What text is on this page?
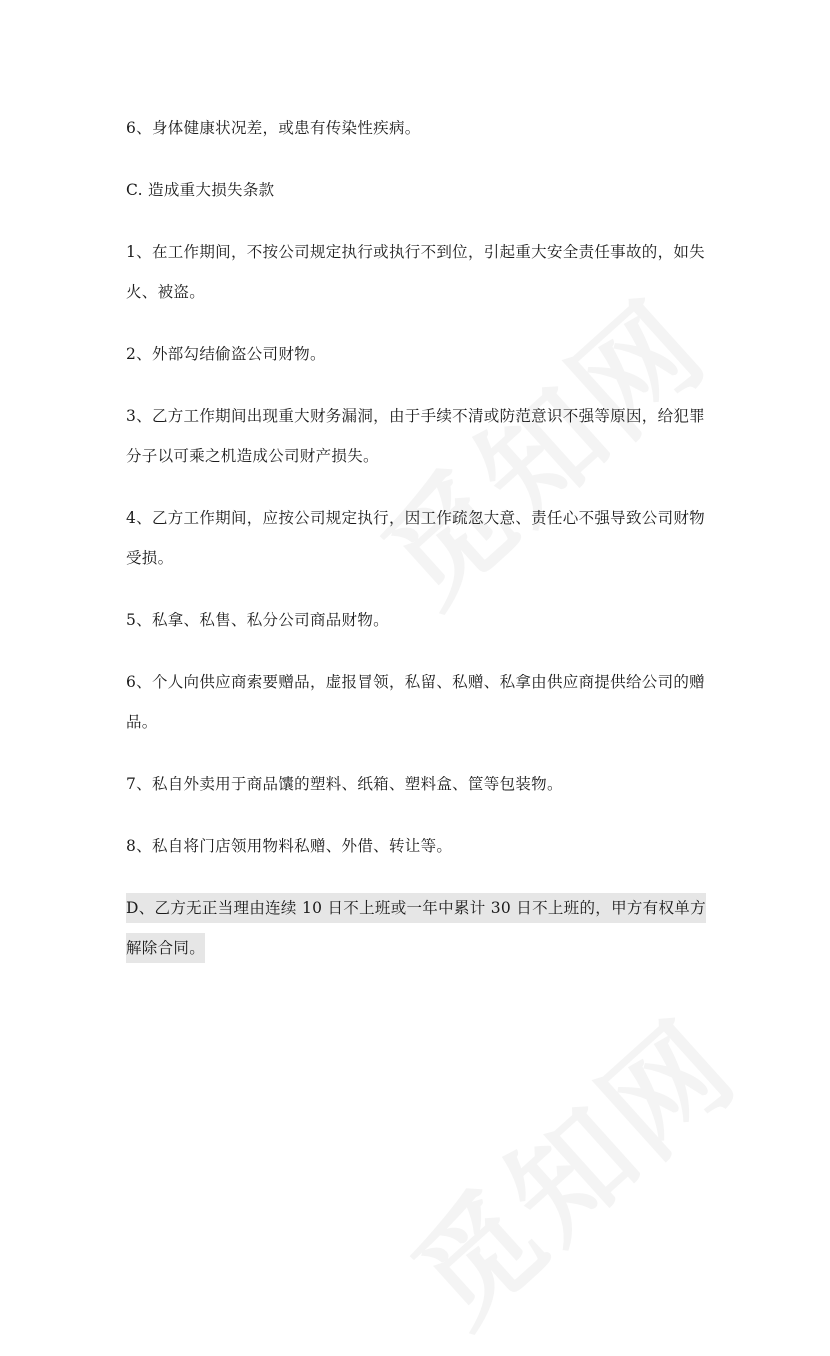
6、身体健康状况差，或患有传染性疾病。

C. 造成重大损失条款

1、在工作期间，不按公司规定执行或执行不到位，引起重大安全责任事故的，如失火、被盗。

2、外部勾结偷盗公司财物。

3、乙方工作期间出现重大财务漏洞，由于手续不清或防范意识不强等原因，给犯罪分子以可乘之机造成公司财产损失。

4、乙方工作期间，应按公司规定执行，因工作疏忽大意、责任心不强导致公司财物受损。

5、私拿、私售、私分公司商品财物。

6、个人向供应商索要赠品，虚报冒领，私留、私赠、私拿由供应商提供给公司的赠品。

7、私自外卖用于商品馕的塑料、纸箱、塑料盒、筐等包装物。

8、私自将门店领用物料私赠、外借、转让等。

D、乙方无正当理由连续 10 日不上班或一年中累计 30 日不上班的，甲方有权单方解除合同。
